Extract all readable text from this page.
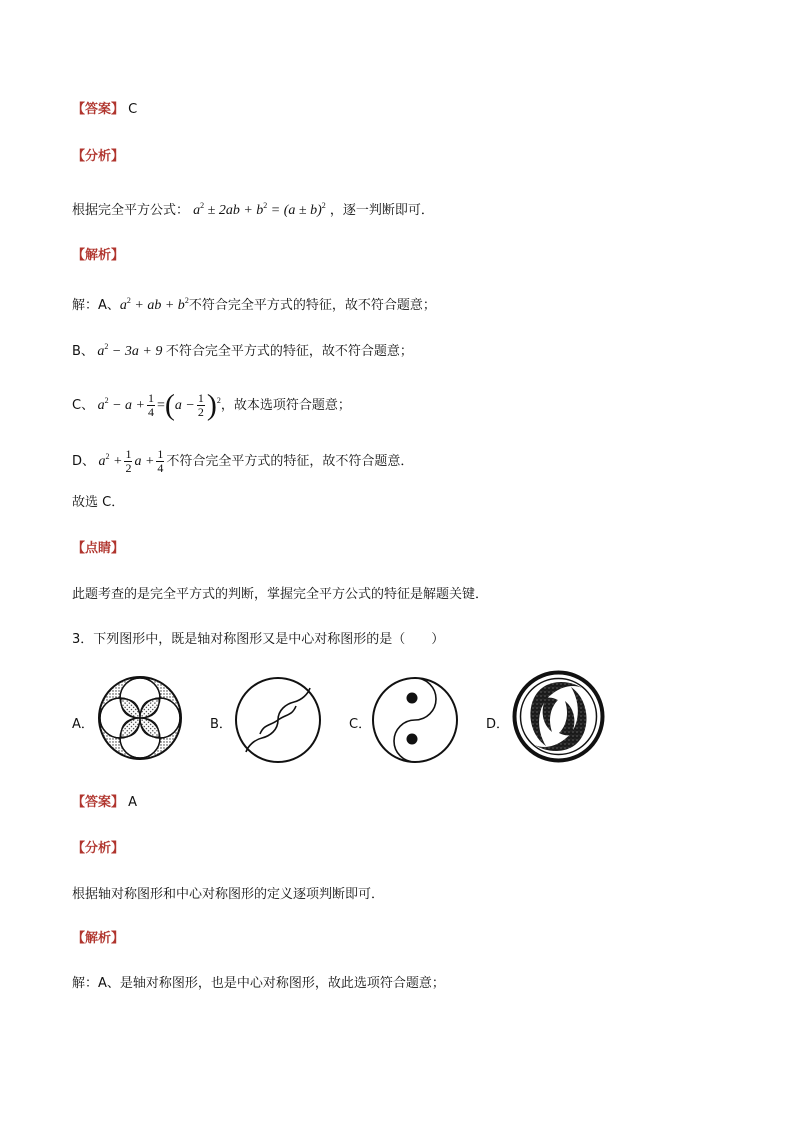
【答案】 C
【分析】
根据完全平方公式： $a^2 \pm 2ab + b^2 = (a \pm b)^2$ ，逐一判断即可．
【解析】
解：A、$a^2$ + ab + $b^2$不符合完全平方式的特征，故不符合题意；
B、 $a^2 - 3a + 9$ 不符合完全平方式的特征，故不符合题意；
C、 $a^2 - a + \frac{1}{4} =(a - \frac{1}{2} )^2$，故本选项符合题意；
D、 $a^2 + \frac{1}{2}$ $a + \frac{1}{4}$ 不符合完全平方式的特征，故不符合题意．
故选 C．
【点睛】
此题考查的是完全平方式的判断，掌握完全平方公式的特征是解题关键．
3．下列图形中，既是轴对称图形又是中心对称图形的是（　　）
A．	B．	C．	D．
【答案】 A
【分析】
根据轴对称图形和中心对称图形的定义逐项判断即可．
【解析】
解：A、是轴对称图形，也是中心对称图形，故此选项符合题意；
